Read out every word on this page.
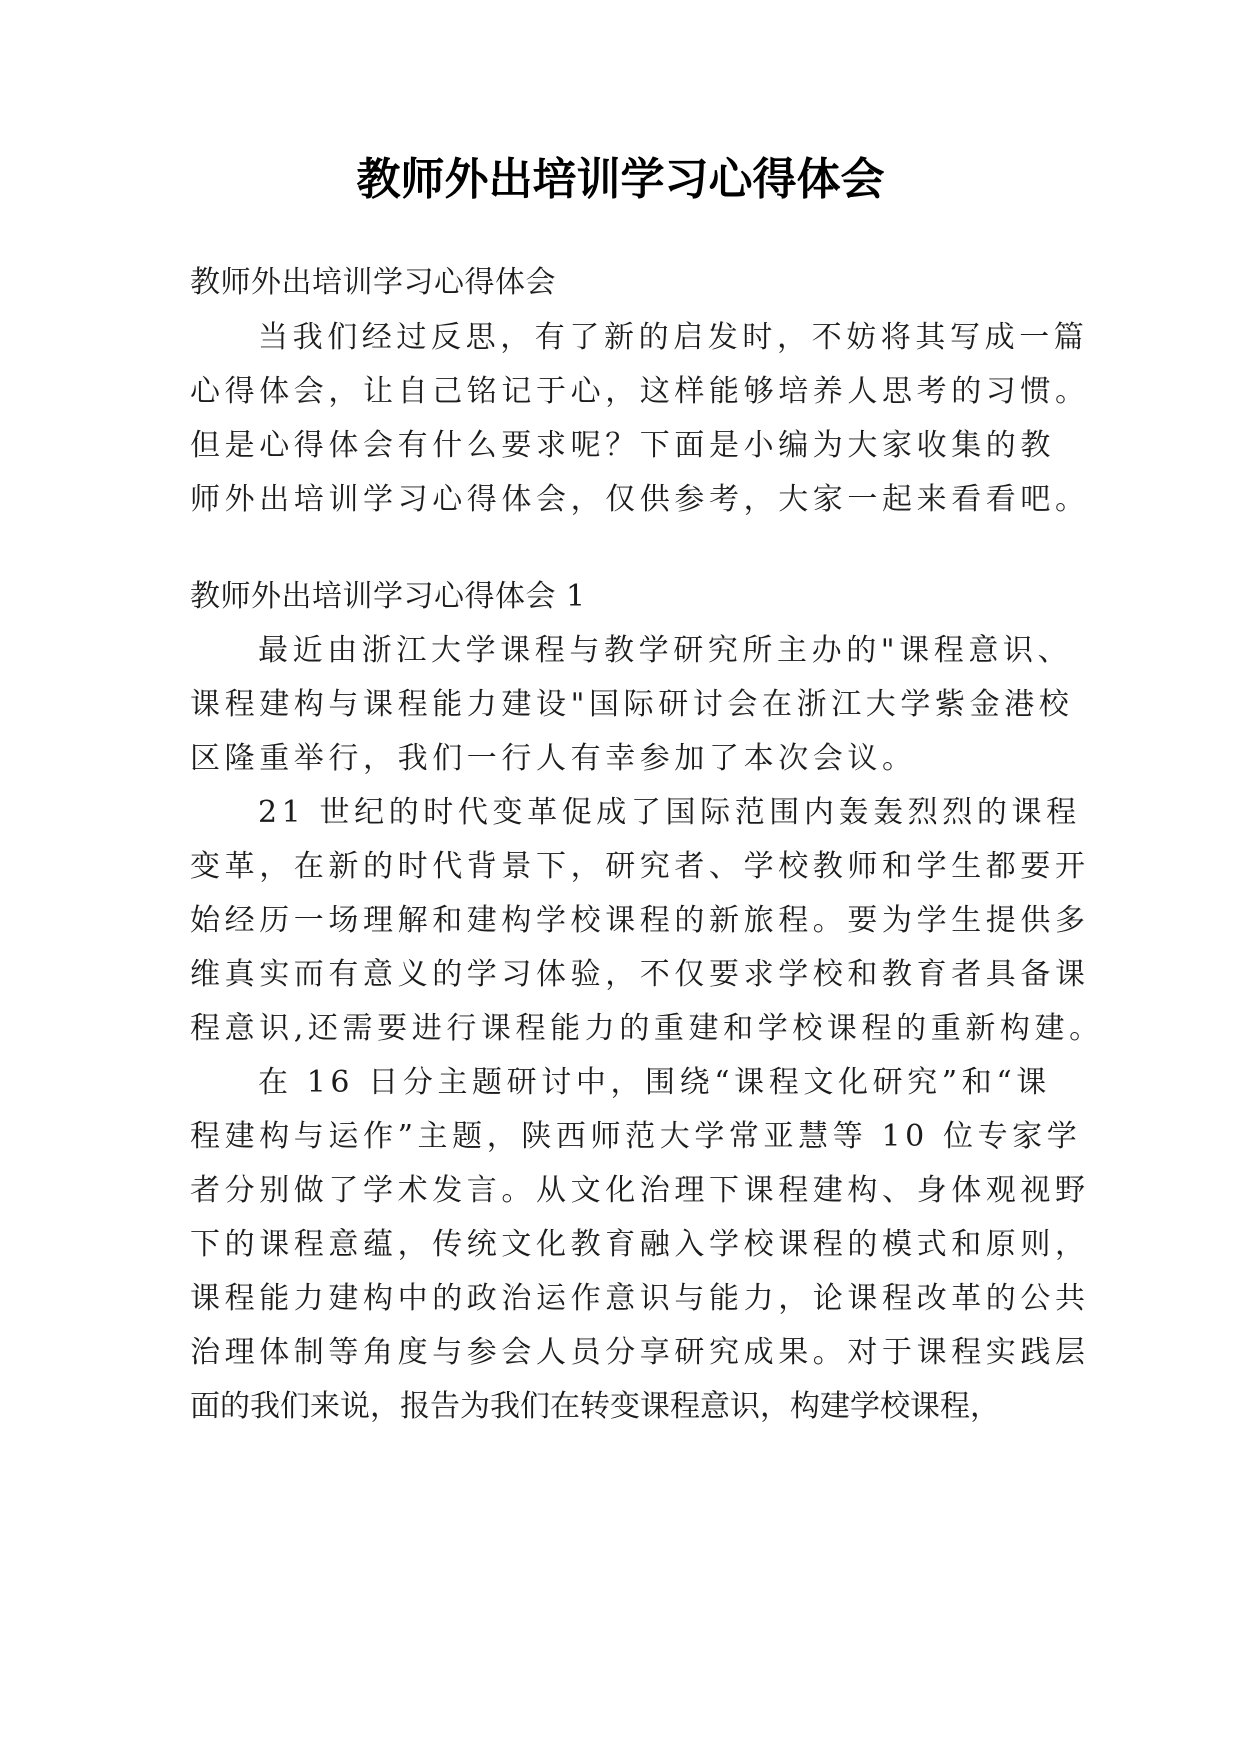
教师外出培训学习心得体会
教师外出培训学习心得体会
当我们经过反思，有了新的启发时，不妨将其写成一篇
心得体会，让自己铭记于心，这样能够培养人思考的习惯。
但是心得体会有什么要求呢？下面是小编为大家收集的教
师外出培训学习心得体会，仅供参考，大家一起来看看吧。
教师外出培训学习心得体会 1
最近由浙江大学课程与教学研究所主办的"课程意识、
课程建构与课程能力建设"国际研讨会在浙江大学紫金港校
区隆重举行，我们一行人有幸参加了本次会议。
21 世纪的时代变革促成了国际范围内轰轰烈烈的课程
变革，在新的时代背景下，研究者、学校教师和学生都要开
始经历一场理解和建构学校课程的新旅程。要为学生提供多
维真实而有意义的学习体验，不仅要求学校和教育者具备课
程意识,还需要进行课程能力的重建和学校课程的重新构建。
在 16 日分主题研讨中，围绕“课程文化研究”和“课
程建构与运作”主题，陕西师范大学常亚慧等 10 位专家学
者分别做了学术发言。从文化治理下课程建构、身体观视野
下的课程意蕴，传统文化教育融入学校课程的模式和原则，
课程能力建构中的政治运作意识与能力，论课程改革的公共
治理体制等角度与参会人员分享研究成果。对于课程实践层
面的我们来说，报告为我们在转变课程意识，构建学校课程，
